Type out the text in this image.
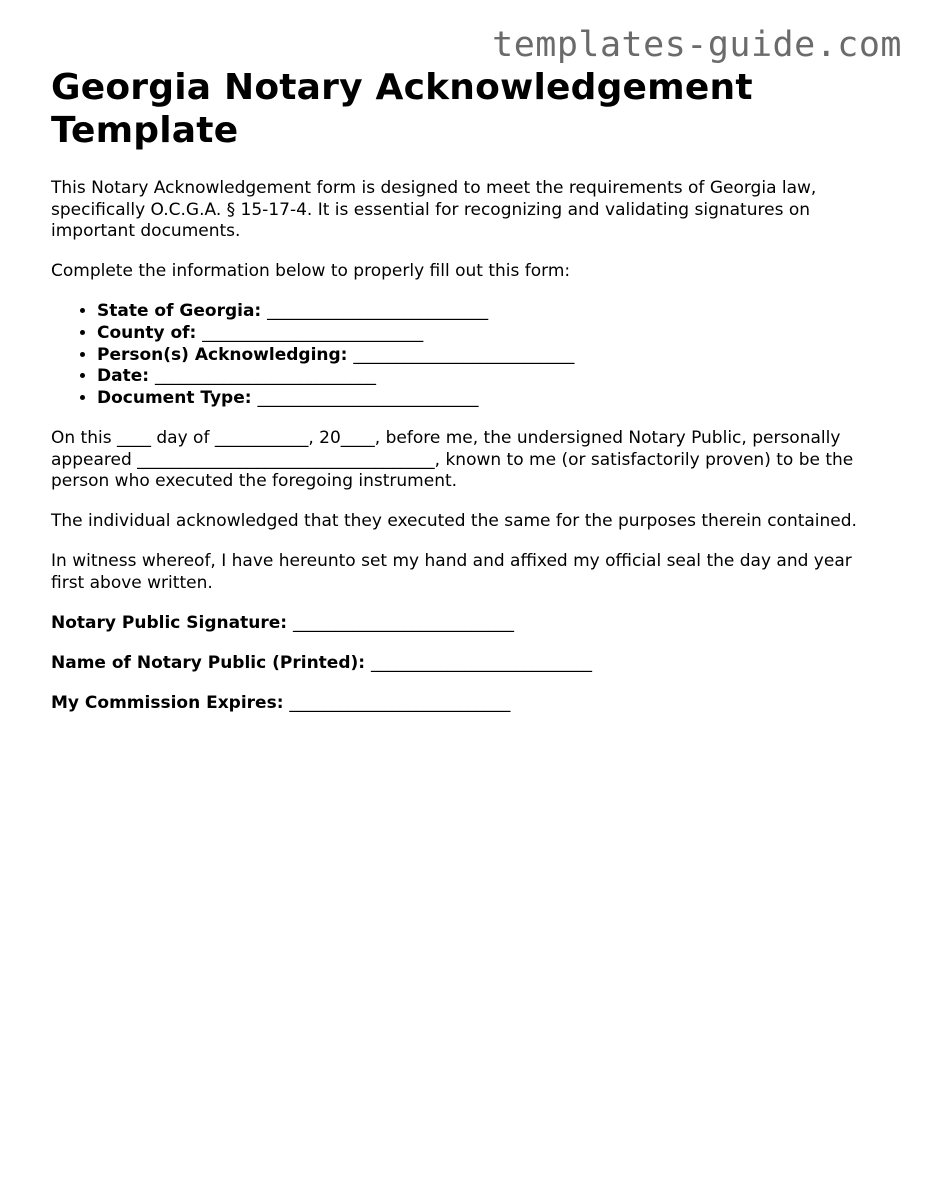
templates-guide.com
Georgia Notary Acknowledgement Template

This Notary Acknowledgement form is designed to meet the requirements of Georgia law, specifically O.C.G.A. § 15-17-4. It is essential for recognizing and validating signatures on important documents.

Complete the information below to properly fill out this form:

• State of Georgia: __________________________
• County of: __________________________
• Person(s) Acknowledging: __________________________
• Date: __________________________
• Document Type: __________________________

On this ____ day of ___________, 20____, before me, the undersigned Notary Public, personally appeared ___________________________________, known to me (or satisfactorily proven) to be the person who executed the foregoing instrument.

The individual acknowledged that they executed the same for the purposes therein contained.

In witness whereof, I have hereunto set my hand and affixed my official seal the day and year first above written.

Notary Public Signature: __________________________
Name of Notary Public (Printed): __________________________
My Commission Expires: __________________________
